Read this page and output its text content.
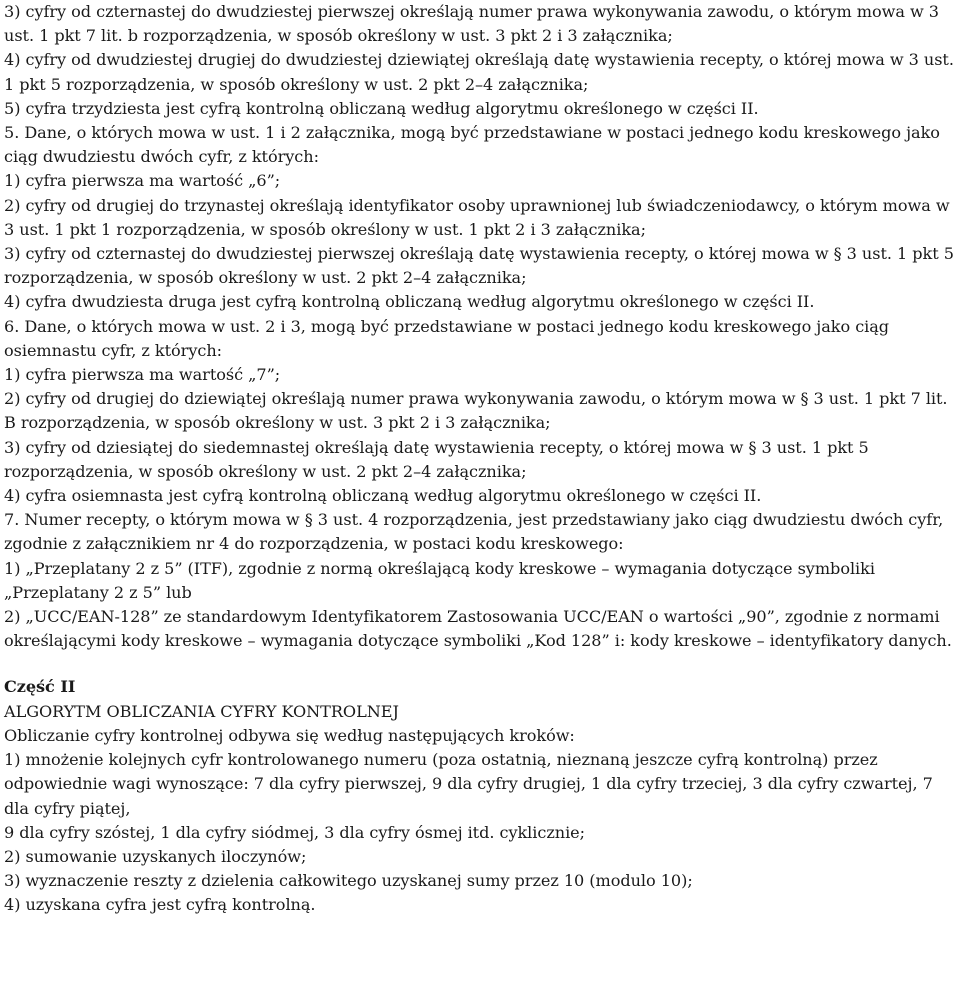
3) cyfry od czternastej do dwudziestej pierwszej określają numer prawa wykonywania zawodu, o którym mowa w 3 ust. 1 pkt 7 lit. b rozporządzenia, w sposób określony w ust. 3 pkt 2 i 3 załącznika;

4) cyfry od dwudziestej drugiej do dwudziestej dziewiątej określają datę wystawienia recepty, o której mowa w 3 ust. 1 pkt 5 rozporządzenia, w sposób określony w ust. 2 pkt 2–4 załącznika;

5) cyfra trzydziesta jest cyfrą kontrolną obliczaną według algorytmu określonego w części II.

5. Dane, o których mowa w ust. 1 i 2 załącznika, mogą być przedstawiane w postaci jednego kodu kreskowego jako ciąg dwudziestu dwóch cyfr, z których:

1) cyfra pierwsza ma wartość „6”;

2) cyfry od drugiej do trzynastej określają identyfikator osoby uprawnionej lub świadczeniodawcy, o którym mowa w 3 ust. 1 pkt 1 rozporządzenia, w sposób określony w ust. 1 pkt 2 i 3 załącznika;

3) cyfry od czternastej do dwudziestej pierwszej określają datę wystawienia recepty, o której mowa w § 3 ust. 1 pkt 5 rozporządzenia, w sposób określony w ust. 2 pkt 2–4 załącznika;

4) cyfra dwudziesta druga jest cyfrą kontrolną obliczaną według algorytmu określonego w części II.

6. Dane, o których mowa w ust. 2 i 3, mogą być przedstawiane w postaci jednego kodu kreskowego jako ciąg osiemnastu cyfr, z których:

1) cyfra pierwsza ma wartość „7”;

2) cyfry od drugiej do dziewiątej określają numer prawa wykonywania zawodu, o którym mowa w § 3 ust. 1 pkt 7 lit. B rozporządzenia, w sposób określony w ust. 3 pkt 2 i 3 załącznika;

3) cyfry od dziesiątej do siedemnastej określają datę wystawienia recepty, o której mowa w § 3 ust. 1 pkt 5 rozporządzenia, w sposób określony w ust. 2 pkt 2–4 załącznika;

4) cyfra osiemnasta jest cyfrą kontrolną obliczaną według algorytmu określonego w części II.

7. Numer recepty, o którym mowa w § 3 ust. 4 rozporządzenia, jest przedstawiany jako ciąg dwudziestu dwóch cyfr, zgodnie z załącznikiem nr 4 do rozporządzenia, w postaci kodu kreskowego:

1) „Przeplatany 2 z 5” (ITF), zgodnie z normą określającą kody kreskowe – wymagania dotyczące symboliki „Przeplatany 2 z 5” lub

2) „UCC/EAN-128” ze standardowym Identyfikatorem Zastosowania UCC/EAN o wartości „90”, zgodnie z normami określającymi kody kreskowe – wymagania dotyczące symboliki „Kod 128” i: kody kreskowe – identyfikatory danych.

Część II

ALGORYTM OBLICZANIA CYFRY KONTROLNEJ

Obliczanie cyfry kontrolnej odbywa się według następujących kroków:

1) mnożenie kolejnych cyfr kontrolowanego numeru (poza ostatnią, nieznaną jeszcze cyfrą kontrolną) przez odpowiednie wagi wynoszące: 7 dla cyfry pierwszej, 9 dla cyfry drugiej, 1 dla cyfry trzeciej, 3 dla cyfry czwartej, 7 dla cyfry piątej,

9 dla cyfry szóstej, 1 dla cyfry siódmej, 3 dla cyfry ósmej itd. cyklicznie;

2) sumowanie uzyskanych iloczynów;

3) wyznaczenie reszty z dzielenia całkowitego uzyskanej sumy przez 10 (modulo 10);

4) uzyskana cyfra jest cyfrą kontrolną.
